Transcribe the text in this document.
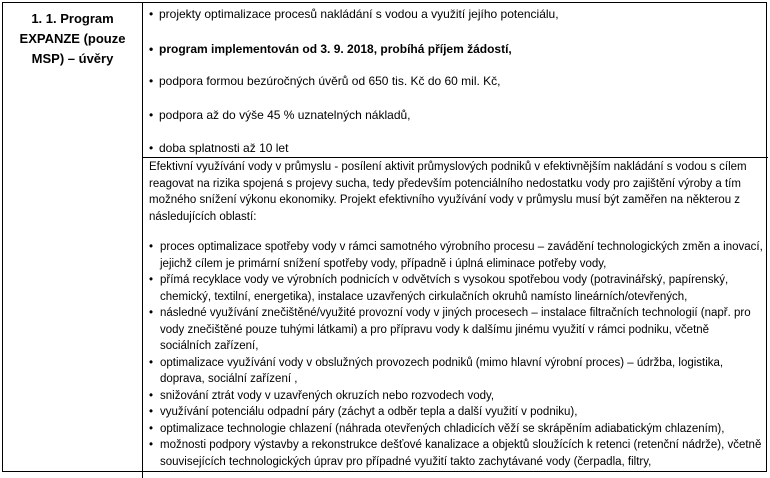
1. 1. Program EXPANZE (pouze MSP) – úvěry
• projekty optimalizace procesů nakládání s vodou a využití jejího potenciálu,
• program implementován od 3. 9. 2018, probíhá příjem žádostí,
• podpora formou bezúročných úvěrů od 650 tis. Kč do 60 mil. Kč,
• podpora až do výše 45 % uznatelných nákladů,
• doba splatnosti až 10 let

Efektivní využívání vody v průmyslu - posílení aktivit průmyslových podniků v efektivnějším nakládání s vodou s cílem reagovat na rizika spojená s projevy sucha, tedy především potenciálního nedostatku vody pro zajištění výroby a tím možného snížení výkonu ekonomiky. Projekt efektivního využívání vody v průmyslu musí být zaměřen na některou z následujících oblastí:

• proces optimalizace spotřeby vody v rámci samotného výrobního procesu – zavádění technologických změn a inovací, jejichž cílem je primární snížení spotřeby vody, případně i úplná eliminace potřeby vody,
• přímá recyklace vody ve výrobních podnicích v odvětvích s vysokou spotřebou vody (potravinářský, papírenský, chemický, textilní, energetika), instalace uzavřených cirkulačních okruhů namísto lineárních/otevřených,
• následné využívání znečištěné/využité provozní vody v jiných procesech – instalace filtračních technologií (např. pro vody znečištěné pouze tuhými látkami) a pro přípravu vody k dalšímu jinému využití v rámci podniku, včetně sociálních zařízení,
• optimalizace využívání vody v obslužných provozech podniků (mimo hlavní výrobní proces) – údržba, logistika, doprava, sociální zařízení ,
• snižování ztrát vody v uzavřených okruzích nebo rozvodech vody,
• využívání potenciálu odpadní páry (záchyt a odběr tepla a další využití v podniku),
• optimalizace technologie chlazení (náhrada otevřených chladicích věží se skrápěním adiabatickým chlazením),
• možnosti podpory výstavby a rekonstrukce dešťové kanalizace a objektů sloužících k retenci (retenční nádrže), včetně souvisejících technologických úprav pro případné využití takto zachytávané vody (čerpadla, filtry,
